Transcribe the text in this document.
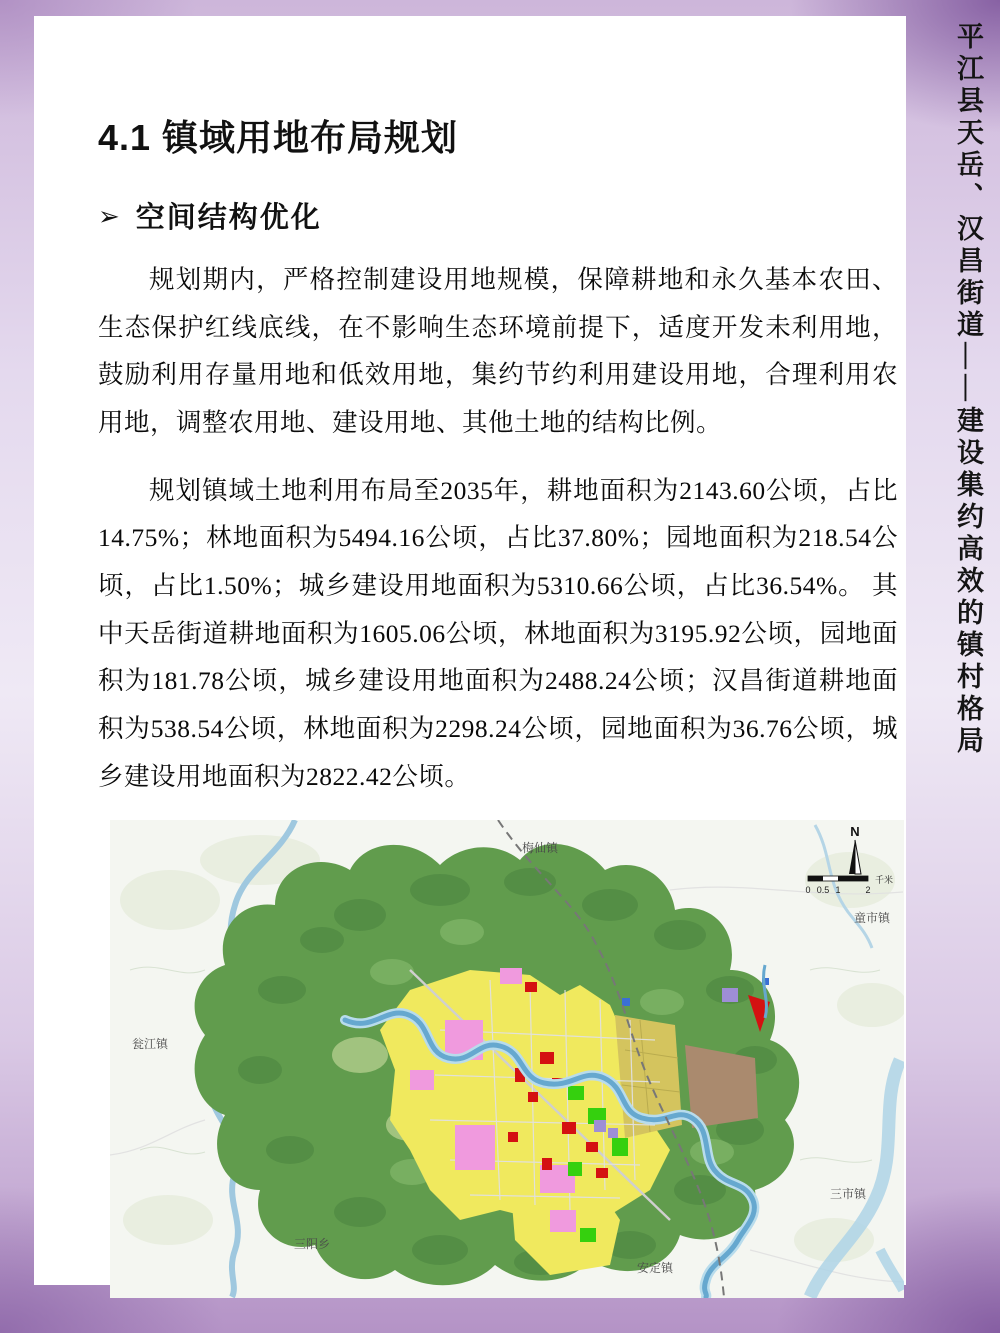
4.1 镇域用地布局规划
➢ 空间结构优化

规划期内，严格控制建设用地规模，保障耕地和永久基本农田、生态保护红线底线，在不影响生态环境前提下，适度开发未利用地，鼓励利用存量用地和低效用地，集约节约利用建设用地，合理利用农用地，调整农用地、建设用地、其他土地的结构比例。

规划镇域土地利用布局至2035年，耕地面积为2143.60公顷，占比14.75%；林地面积为5494.16公顷，占比37.80%；园地面积为218.54公顷，占比1.50%；城乡建设用地面积为5310.66公顷，占比36.54%。 其中天岳街道耕地面积为1605.06公顷，林地面积为3195.92公顷，园地面积为181.78公顷，城乡建设用地面积为2488.24公顷；汉昌街道耕地面积为538.54公顷，林地面积为2298.24公顷，园地面积为36.76公顷，城乡建设用地面积为2822.42公顷。

梅仙镇
童市镇
瓮江镇
三市镇
三阳乡
安定镇
N
0 0.5 1	2
千米
平江县天岳、汉昌街道——建设集约高效的镇村格局
